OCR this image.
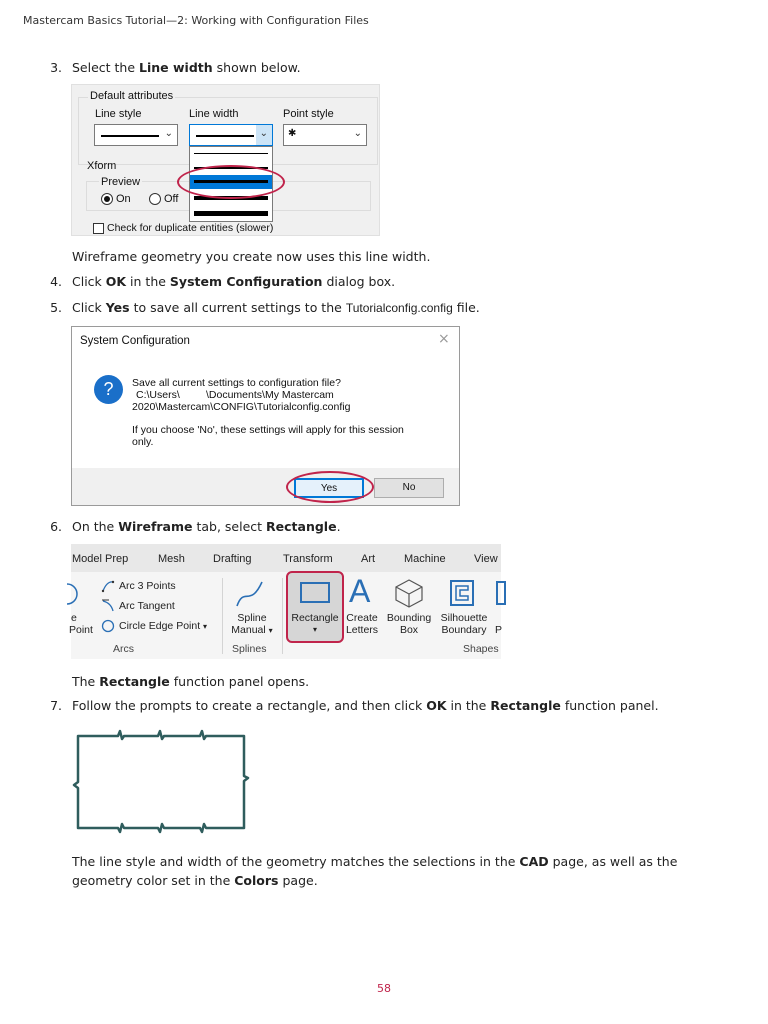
Mastercam Basics Tutorial—2: Working with Configuration Files
3. Select the Line width shown below.
Default attributes
Line style	Line width	Point style
⌄	⌄ ✱	⌄
Xform
Preview
On	Off
Check for duplicate entities (slower)
Wireframe geometry you create now uses this line width.
4. Click OK in the System Configuration dialog box.
5. Click Yes to save all current settings to the Tutorialconfig.config file.
System Configuration	×
?	Save all current settings to configuration file?
C:\Users\     \Documents\My Mastercam
2020\Mastercam\CONFIG\Tutorialconfig.config
If you choose 'No', these settings will apply for this session
only.
Yes	No
6. On the Wireframe tab, select Rectangle.
Model Prep	Mesh	Drafting	Transform	Art	Machine	View
e
Point
Arc 3 Points
Arc Tangent
Circle Edge Point ▾
Arcs
Spline
Manual ▾
Splines
Rectangle
▾
A
Create
Letters
Bounding
Box
Silhouette
Boundary P
Shapes
The Rectangle function panel opens.
7. Follow the prompts to create a rectangle, and then click OK in the Rectangle function panel.
The line style and width of the geometry matches the selections in the CAD page, as well as the geometry color set in the Colors page.
58
